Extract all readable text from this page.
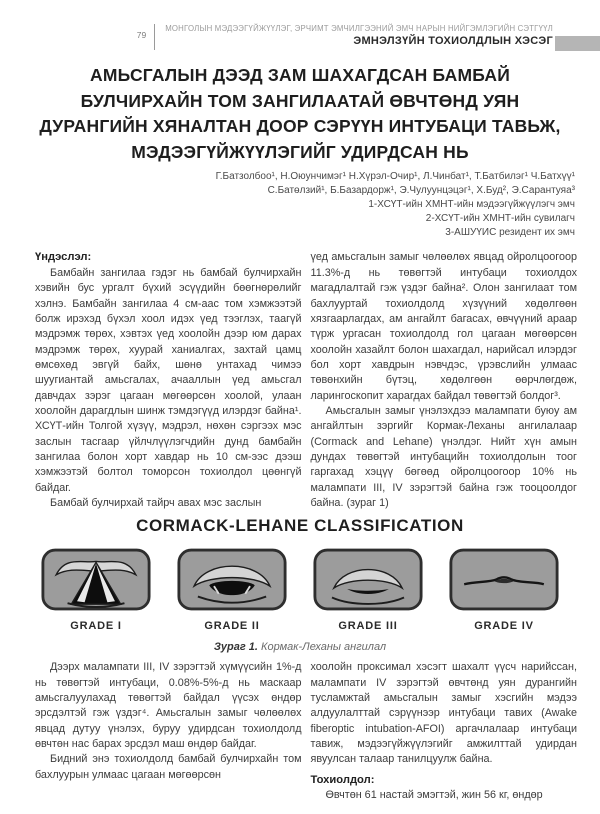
79
МОНГОЛЫН МЭДЭЭГҮЙЖҮҮЛЭГ, ЭРЧИМТ ЭМЧИЛГЭЭНИЙ ЭМЧ НАРЫН НИЙГЭМЛЭГИЙН СЭТГҮҮЛ
ЭМНЭЛЗҮЙН ТОХИОЛДЛЫН ХЭСЭГ
АМЬСГАЛЫН ДЭЭД ЗАМ ШАХАГДСАН БАМБАЙ БУЛЧИРХАЙН ТОМ ЗАНГИЛААТАЙ ӨВЧТӨНД УЯН ДУРАНГИЙН ХЯНАЛТАН ДООР СЭРҮҮН ИНТУБАЦИ ТАВЬЖ, МЭДЭЭГҮЙЖҮҮЛЭГИЙГ УДИРДСАН НЬ
Г.Батзолбоо¹, Н.Оюунчимэг¹ Н.Хүрэл-Очир¹, Л.Чинбат¹, Т.Батбилэг¹ Ч.Батхүү¹
С.Батөлзий¹, Б.Базардорж¹, Э.Чулуунцэцэг¹, Х.Буд², Э.Сарантуяа³
1-ХСҮТ-ийн ХМНТ-ийн мэдээгүйжүүлэгч эмч
2-ХСҮТ-ийн ХМНТ-ийн сувилагч
3-АШУҮИС резидент их эмч
Үндэслэл:

Бамбайн зангилаа гэдэг нь бамбай булчирхайн хэвийн бус ургалт бүхий эсүүдийн бөөгнөрөлийг хэлнэ. Бамбайн зангилаа 4 см-аас том хэмжээтэй болж ирэхэд бүхэл хоол идэх үед тээглэх, таагүй мэдрэмж төрөх, хэвтэх үед хоолойн дээр юм дарах мэдрэмж төрөх, хуурай ханиалгах, захтай цамц өмсөхөд эвгүй байх, шөнө унтахад чимээ шуугиантай амьсгалах, ачааллын үед амьсгал давчдах зэрэг цагаан мөгөөрсөн хоолой, улаан хоолойн дарагдлын шинж тэмдэгүүд илэрдэг байна¹. ХСҮТ-ийн Толгой хүзүү, мэдрэл, нөхөн сэргээх мэс заслын тасгаар үйлчлүүлэгчдийн дунд бамбайн зангилаа болон хорт хавдар нь 10 см-ээс дээш хэмжээтэй болтол томорсон тохиолдол цөөнгүй байдаг.

Бамбай булчирхай тайрч авах мэс заслын

үед амьсгалын замыг чөлөөлөх явцад ойролцоогоор 11.3%-д нь төвөгтэй интубаци тохиолдох магадлалтай гэж үздэг байна². Олон зангилаат том бахлууртай тохиолдолд хүзүүний хөдөлгөөн хязгаарлагдах, ам ангайлт багасах, өвчүүний араар түрж ургасан тохиолдолд гол цагаан мөгөөрсөн хоолойн хазайлт болон шахагдал, нарийсал илэрдэг бол хорт хавдрын нэвчдэс, үрэвслийн улмаас төвөнхийн бүтэц, хөдөлгөөн өөрчлөгдөж, ларингоскопит харагдах байдал төвөгтэй болдог³.

Амьсгалын замыг үнэлэхдээ малампати буюу ам ангайлтын зэргийг Кормак-Леханы ангилалаар (Cormack and Lehane) үнэлдэг. Нийт хүн амын дундах төвөгтэй интубацийн тохиолдолын тоог гаргахад хэцүү бөгөөд ойролцоогоор 10% нь малампати III, IV зэрэгтэй байна гэж тооцоолдог байна. (зураг 1)

CORMACK-LEHANE CLASSIFICATION
GRADE I	GRADE II	GRADE III	GRADE IV
Зураг 1. Кормак-Леханы ангилал

Дээрх малампати III, IV зэрэгтэй хүмүүсийн 1%-д нь төвөгтэй интубаци, 0.08%-5%-д нь маскаар амьсгалуулахад төвөгтэй байдал үүсэх өндөр эрсдэлтэй гэж үздэг⁴. Амьсгалын замыг чөлөөлөх явцад дутуу үнэлэх, буруу удирдсан тохиолдолд өвчтөн нас барах эрсдэл маш өндөр байдаг.

Бидний энэ тохиолдолд бамбай булчирхайн том бахлуурын улмаас цагаан мөгөөрсөн

хоолойн проксимал хэсэгт шахалт үүсч нарийссан, малампати IV зэрэгтэй өвчтөнд уян дурангийн тусламжтай амьсгалын замыг хэсгийн мэдээ алдуулалттай сэрүүнээр интубаци тавих (Awake fiberoptic intubation-AFOI) аргачлалаар интубаци тавиж, мэдээгүйжүүлэгийг амжилттай удирдан явуулсан талаар танилцуулж байна.

Тохиолдол:

Өвчтөн 61 настай эмэгтэй, жин 56 кг, өндөр
